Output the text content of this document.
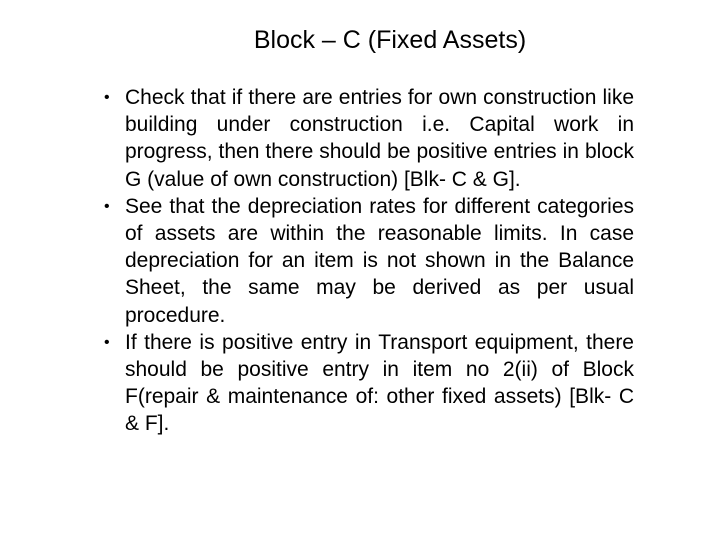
Block – C (Fixed Assets)
• Check that if there are entries for own construction like building under construction i.e. Capital work in progress, then there should be positive entries in block G (value of own construction) [Blk- C & G].
• See that the depreciation rates for different categories of assets are within the reasonable limits. In case depreciation for an item is not shown in the Balance Sheet, the same may be derived as per usual procedure.
• If there is positive entry in Transport equipment, there should be positive entry in item no 2(ii) of Block F(repair & maintenance of: other fixed assets) [Blk- C & F].
